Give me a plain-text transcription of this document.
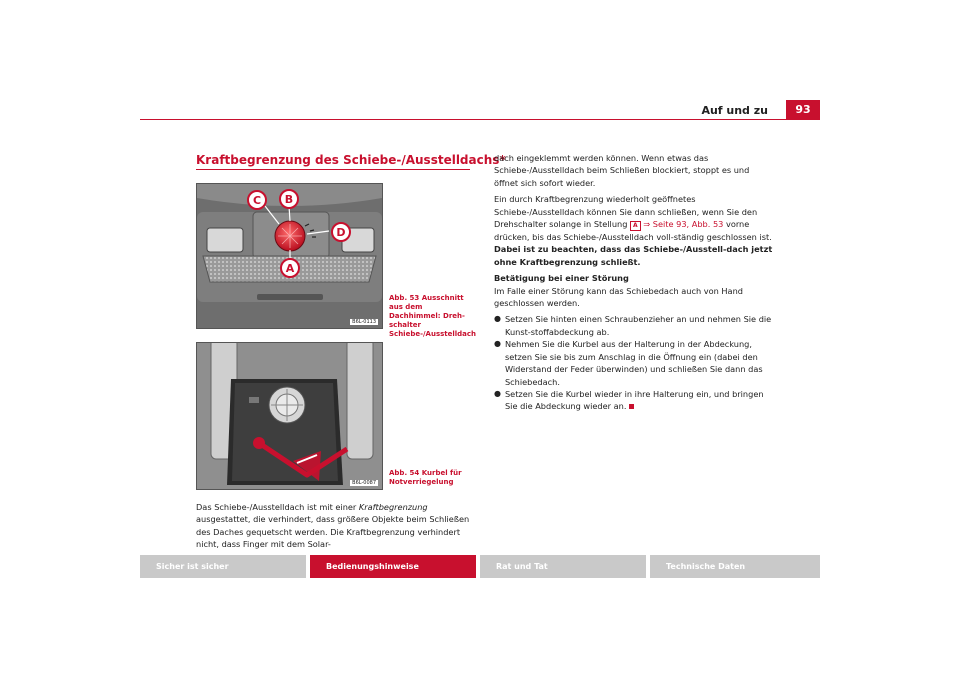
Auf und zu	93
Kraftbegrenzung des Schiebe-/Ausstelldachs*
C B
D
A
B6L-0113
Abb. 53 Ausschnitt aus dem Dachhimmel: Dreh-schalter Schiebe-/Ausstelldach
B6L-0087
Abb. 54 Kurbel für Notverriegelung
Das Schiebe-/Ausstelldach ist mit einer Kraftbegrenzung ausgestattet, die verhindert, dass größere Objekte beim Schließen des Daches gequetscht werden. Die Kraftbegrenzung verhindert nicht, dass Finger mit dem Solar-

dach eingeklemmt werden können. Wenn etwas das Schiebe-/Ausstelldach beim Schließen blockiert, stoppt es und öffnet sich sofort wieder.

Ein durch Kraftbegrenzung wiederholt geöffnetes Schiebe-/Ausstelldach können Sie dann schließen, wenn Sie den Drehschalter solange in Stellung A ⇒ Seite 93, Abb. 53 vorne drücken, bis das Schiebe-/Ausstelldach voll-ständig geschlossen ist. Dabei ist zu beachten, dass das Schiebe-/Ausstell-dach jetzt ohne Kraftbegrenzung schließt.

Betätigung bei einer Störung

Im Falle einer Störung kann das Schiebedach auch von Hand geschlossen werden.

● Setzen Sie hinten einen Schraubenzieher an und nehmen Sie die Kunst-stoffabdeckung ab.
● Nehmen Sie die Kurbel aus der Halterung in der Abdeckung, setzen Sie sie bis zum Anschlag in die Öffnung ein (dabei den Widerstand der Feder überwinden) und schließen Sie dann das Schiebedach.
● Setzen Sie die Kurbel wieder in ihre Halterung ein, und bringen Sie die Abdeckung wieder an.
Sicher ist sicher	Bedienungshinweise	Rat und Tat	Technische Daten
